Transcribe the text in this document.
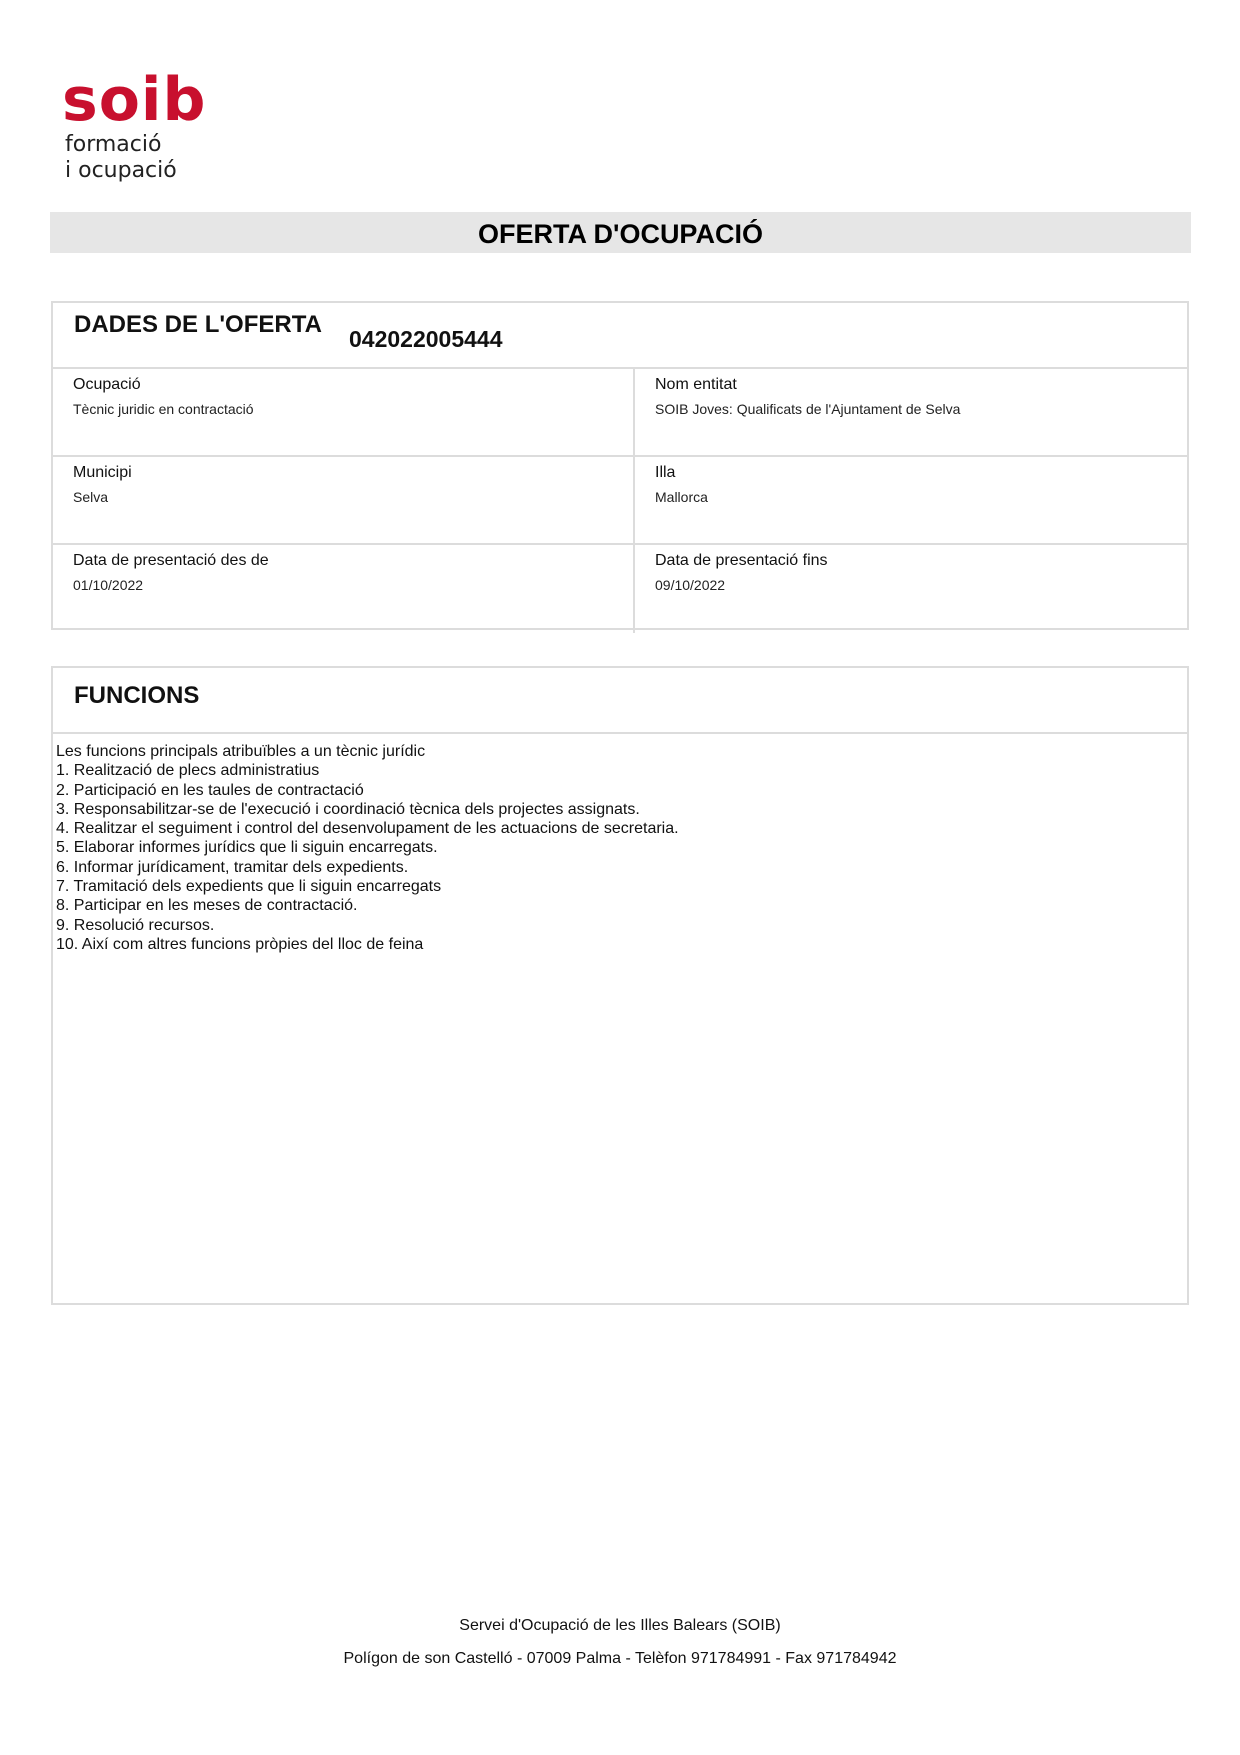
soib
formació
i ocupació
OFERTA D'OCUPACIÓ
DADES DE L'OFERTA
042022005444
Ocupació
Tècnic juridic en contractació
Nom entitat
SOIB Joves: Qualificats de l'Ajuntament de Selva
Municipi
Selva
Illa
Mallorca
Data de presentació des de
01/10/2022
Data de presentació fins
09/10/2022
FUNCIONS
Les funcions principals atribuïbles a un tècnic jurídic
1. Realització de plecs administratius
2. Participació en les taules de contractació
3. Responsabilitzar-se de l'execució i coordinació tècnica dels projectes assignats.
4. Realitzar el seguiment i control del desenvolupament de les actuacions de secretaria.
5. Elaborar informes jurídics que li siguin encarregats.
6. Informar jurídicament, tramitar dels expedients.
7. Tramitació dels expedients que li siguin encarregats
8. Participar en les meses de contractació.
9. Resolució recursos.
10. Així com altres funcions pròpies del lloc de feina
Servei d'Ocupació de les Illes Balears (SOIB)
Polígon de son Castelló - 07009 Palma - Telèfon 971784991 - Fax 971784942
